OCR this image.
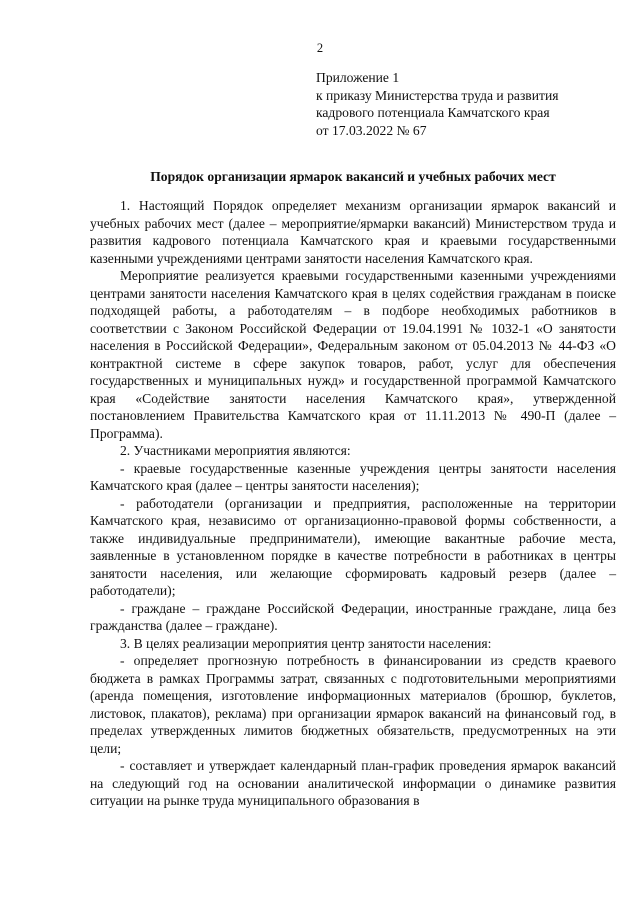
2
Приложение 1
к приказу Министерства труда и развития
кадрового потенциала Камчатского края
от 17.03.2022 № 67
Порядок организации ярмарок вакансий и учебных рабочих мест

1. Настоящий Порядок определяет механизм организации ярмарок вакансий и учебных рабочих мест (далее – мероприятие/ярмарки вакансий) Министерством труда и развития кадрового потенциала Камчатского края и краевыми государственными казенными учреждениями центрами занятости населения Камчатского края.

Мероприятие реализуется краевыми государственными казенными учреждениями центрами занятости населения Камчатского края в целях содействия гражданам в поиске подходящей работы, а работодателям – в подборе необходимых работников в соответствии с Законом Российской Федерации от 19.04.1991 № 1032-1 «О занятости населения в Российской Федерации», Федеральным законом от 05.04.2013 № 44-ФЗ «О контрактной системе в сфере закупок товаров, работ, услуг для обеспечения государственных и муниципальных нужд» и государственной программой Камчатского края «Содействие занятости населения Камчатского края», утвержденной постановлением Правительства Камчатского края от 11.11.2013 № 490-П (далее – Программа).

2. Участниками мероприятия являются:

- краевые государственные казенные учреждения центры занятости населения Камчатского края (далее – центры занятости населения);

- работодатели (организации и предприятия, расположенные на территории Камчатского края, независимо от организационно-правовой формы собственности, а также индивидуальные предприниматели), имеющие вакантные рабочие места, заявленные в установленном порядке в качестве потребности в работниках в центры занятости населения, или желающие сформировать кадровый резерв (далее – работодатели);

- граждане – граждане Российской Федерации, иностранные граждане, лица без гражданства (далее – граждане).

3. В целях реализации мероприятия центр занятости населения:

- определяет прогнозную потребность в финансировании из средств краевого бюджета в рамках Программы затрат, связанных с подготовительными мероприятиями (аренда помещения, изготовление информационных материалов (брошюр, буклетов, листовок, плакатов), реклама) при организации ярмарок вакансий на финансовый год, в пределах утвержденных лимитов бюджетных обязательств, предусмотренных на эти цели;

- составляет и утверждает календарный план-график проведения ярмарок вакансий на следующий год на основании аналитической информации о динамике развития ситуации на рынке труда муниципального образования в
